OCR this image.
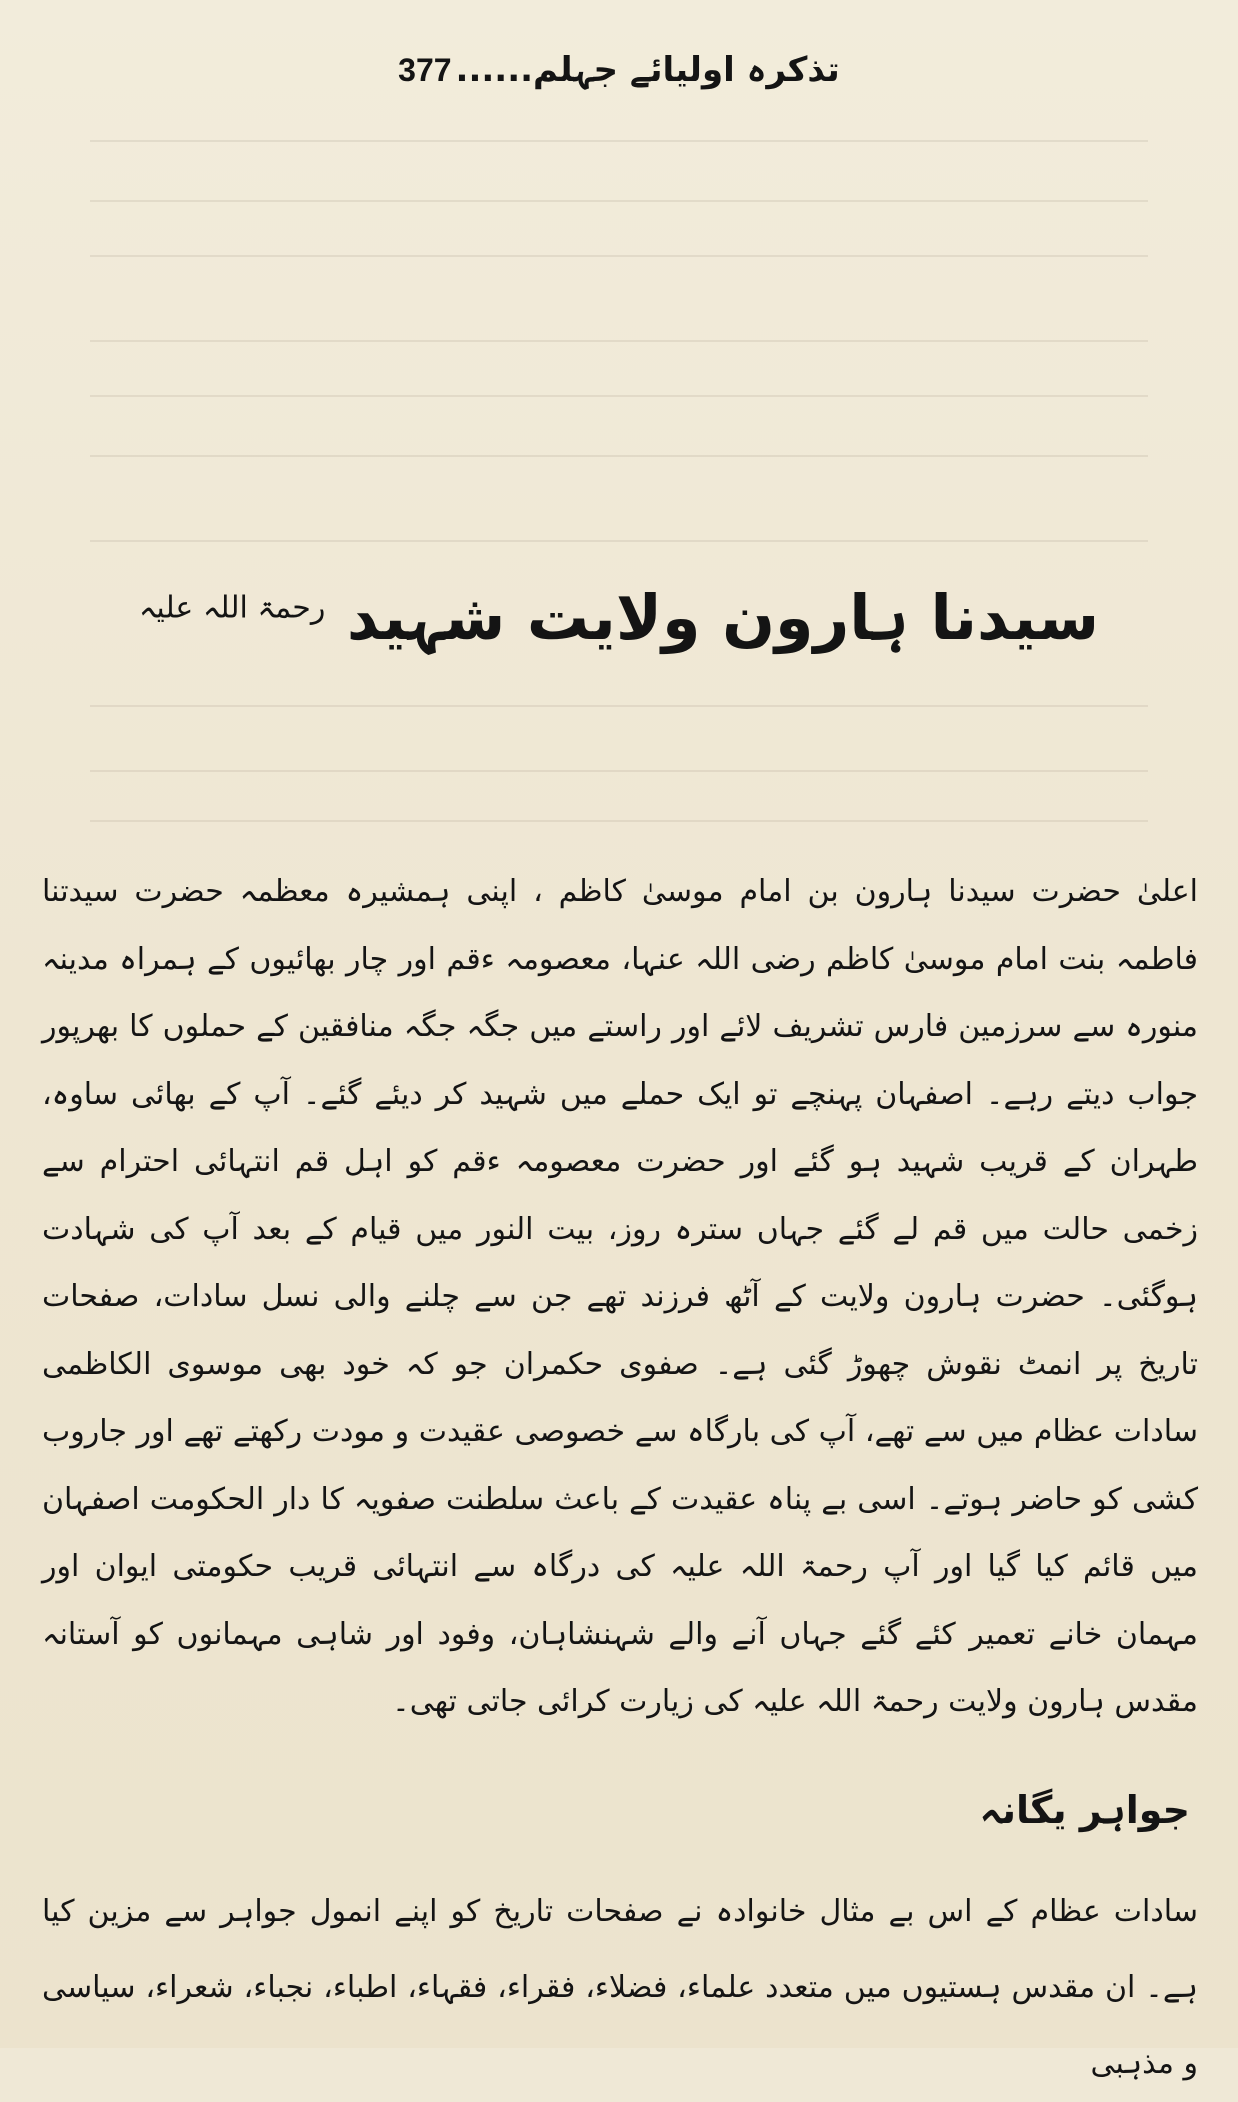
تذکرہ اولیائے جہلم......377
سیدنا ہارون ولایت شہید $^{رحمۃ اللہ علیہ}$

اعلیٰ حضرت سیدنا ہارون بن امام موسیٰ کاظم ، اپنی ہمشیرہ معظمہ حضرت سیدتنا فاطمہ بنت امام موسیٰ کاظم رضی اللہ عنہا، معصومہ ءقم اور چار بھائیوں کے ہمراہ مدینہ منورہ سے سرزمین فارس تشریف لائے اور راستے میں جگہ جگہ منافقین کے حملوں کا بھرپور جواب دیتے رہے۔ اصفہان پہنچے تو ایک حملے میں شہید کر دیئے گئے۔ آپ کے بھائی ساوہ، طہران کے قریب شہید ہو گئے اور حضرت معصومہ ءقم کو اہل قم انتہائی احترام سے زخمی حالت میں قم لے گئے جہاں سترہ روز، بیت النور میں قیام کے بعد آپ کی شہادت ہوگئی۔ حضرت ہارون ولایت کے آٹھ فرزند تھے جن سے چلنے والی نسل سادات، صفحات تاریخ پر انمٹ نقوش چھوڑ گئی ہے۔ صفوی حکمران جو کہ خود بھی موسوی الکاظمی سادات عظام میں سے تھے، آپ کی بارگاہ سے خصوصی عقیدت و مودت رکھتے تھے اور جاروب کشی کو حاضر ہوتے۔ اسی بے پناہ عقیدت کے باعث سلطنت صفویہ کا دار الحکومت اصفہان میں قائم کیا گیا اور آپ رحمۃ اللہ علیہ کی درگاہ سے انتہائی قریب حکومتی ایوان اور مہمان خانے تعمیر کئے گئے جہاں آنے والے شہنشاہان، وفود اور شاہی مہمانوں کو آستانہ مقدس ہارون ولایت رحمۃ اللہ علیہ کی زیارت کرائی جاتی تھی۔

جواہر یگانہ

سادات عظام کے اس بے مثال خانوادہ نے صفحات تاریخ کو اپنے انمول جواہر سے مزین کیا ہے۔ ان مقدس ہستیوں میں متعدد علماء، فضلاء، فقراء، فقہاء، اطباء، نجباء، شعراء، سیاسی و مذہبی
